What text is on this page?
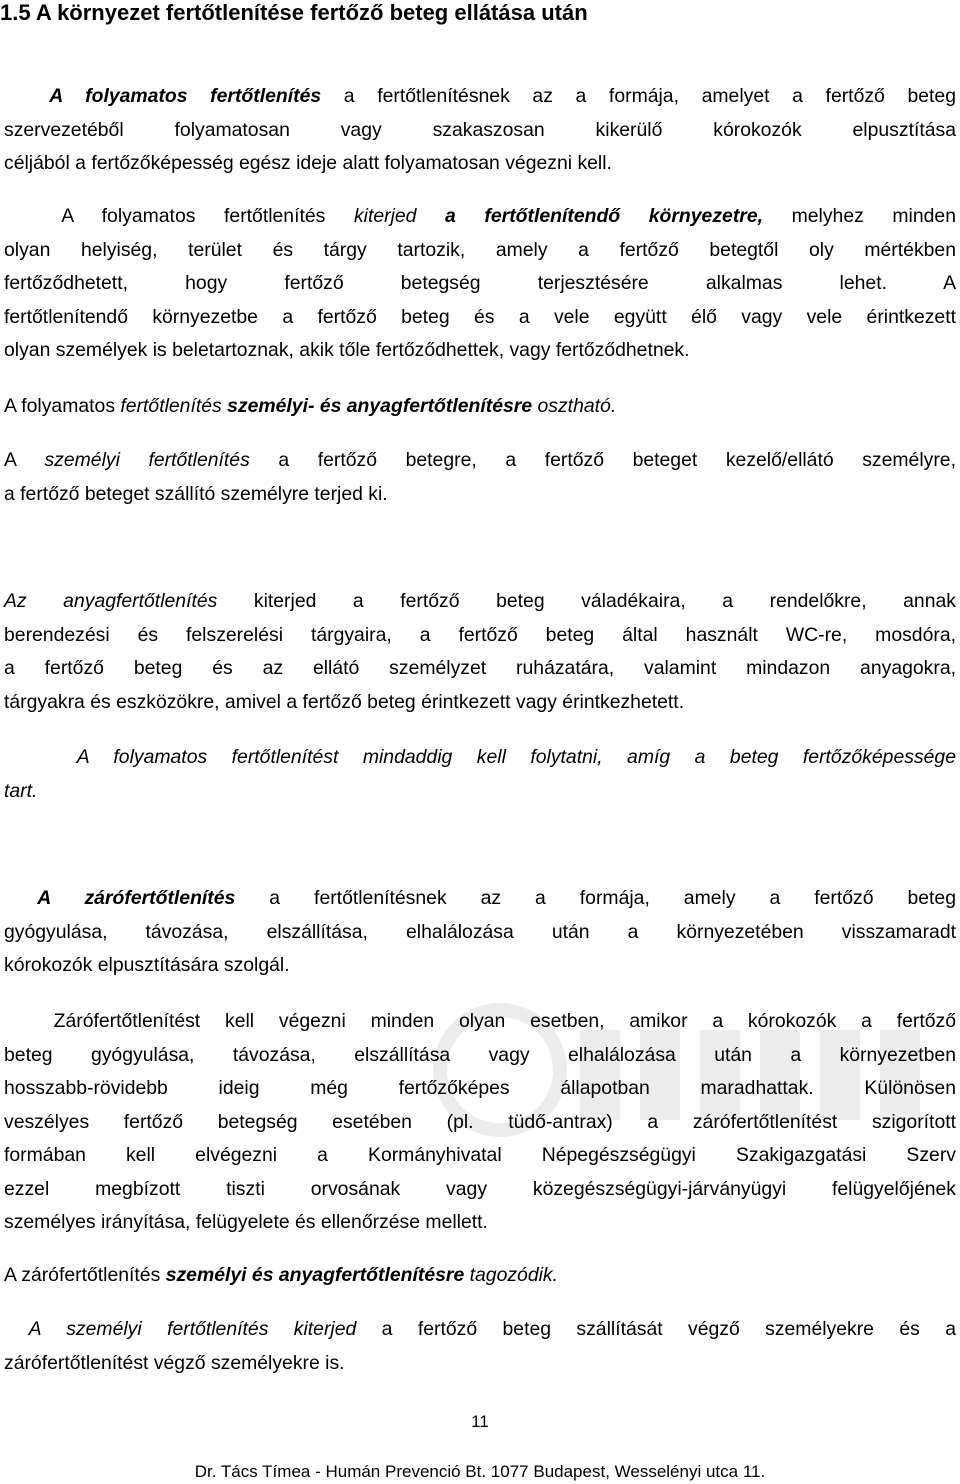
1.5 A környezet fertőtlenítése fertőző beteg ellátása után
A folyamatos fertőtlenítés a fertőtlenítésnek az a formája, amelyet a fertőző beteg
szervezetéből folyamatosan vagy szakaszosan kikerülő kórokozók elpusztítása
céljából a fertőzőképesség egész ideje alatt folyamatosan végezni kell.
A folyamatos fertőtlenítés kiterjed a fertőtlenítendő környezetre, melyhez minden
olyan helyiség, terület és tárgy tartozik, amely a fertőző betegtől oly mértékben
fertőződhetett, hogy fertőző betegség terjesztésére alkalmas lehet. A
fertőtlenítendő környezetbe a fertőző beteg és a vele együtt élő vagy vele érintkezett
olyan személyek is beletartoznak, akik tőle fertőződhettek, vagy fertőződhetnek.
A folyamatos fertőtlenítés személyi- és anyagfertőtlenítésre osztható.
A személyi fertőtlenítés a fertőző betegre, a fertőző beteget kezelő/ellátó személyre,
a fertőző beteget szállító személyre terjed ki.
Az anyagfertőtlenítés kiterjed a fertőző beteg váladékaira, a rendelőkre, annak
berendezési és felszerelési tárgyaira, a fertőző beteg által használt WC-re, mosdóra,
a fertőző beteg és az ellátó személyzet ruházatára, valamint mindazon anyagokra,
tárgyakra és eszközökre, amivel a fertőző beteg érintkezett vagy érintkezhetett.
A folyamatos fertőtlenítést mindaddig kell folytatni, amíg a beteg fertőzőképessége
tart.
A zárófertőtlenítés a fertőtlenítésnek az a formája, amely a fertőző beteg
gyógyulása, távozása, elszállítása, elhalálozása után a környezetében visszamaradt
kórokozók elpusztítására szolgál.
Zárófertőtlenítést kell végezni minden olyan esetben, amikor a kórokozók a fertőző
beteg gyógyulása, távozása, elszállítása vagy elhalálozása után a környezetben
hosszabb-rövidebb ideig még fertőzőképes állapotban maradhattak. Különösen
veszélyes fertőző betegség esetében (pl. tüdő-antrax) a zárófertőtlenítést szigorított
formában kell elvégezni a Kormányhivatal Népegészségügyi Szakigazgatási Szerv
ezzel megbízott tiszti orvosának vagy közegészségügyi-járványügyi felügyelőjének
személyes irányítása, felügyelete és ellenőrzése mellett.
A zárófertőtlenítés személyi és anyagfertőtlenítésre tagozódik.
A személyi fertőtlenítés kiterjed a fertőző beteg szállítását végző személyekre és a
zárófertőtlenítést végző személyekre is.
11
Dr. Tács Tímea - Humán Prevenció Bt. 1077 Budapest, Wesselényi utca 11.
